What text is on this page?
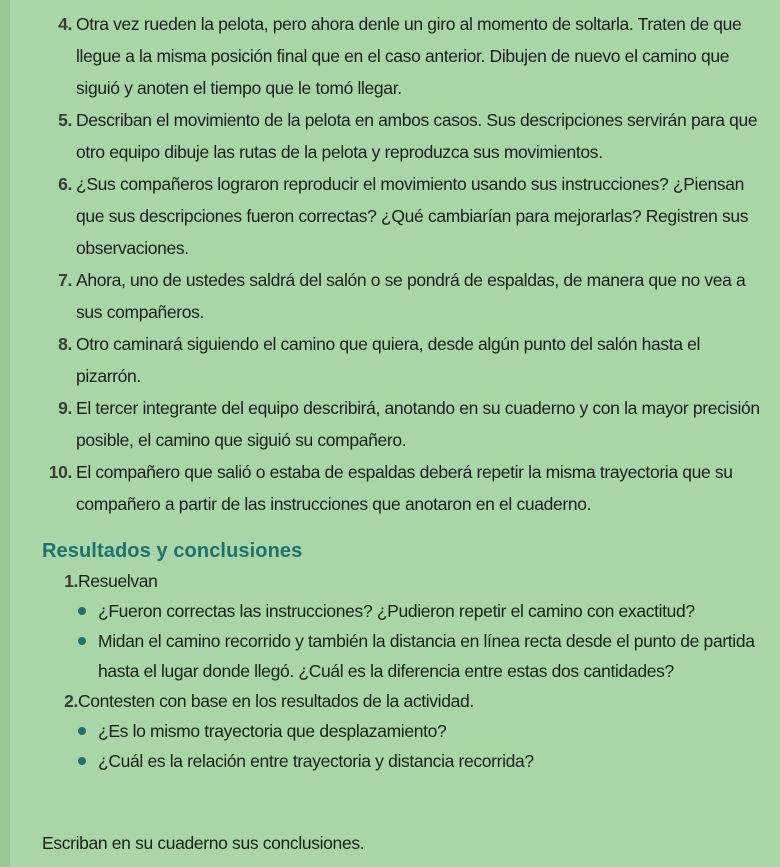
4. Otra vez rueden la pelota, pero ahora denle un giro al momento de soltarla. Traten de que llegue a la misma posición final que en el caso anterior. Dibujen de nuevo el camino que siguió y anoten el tiempo que le tomó llegar.
5. Describan el movimiento de la pelota en ambos casos. Sus descripciones servirán para que otro equipo dibuje las rutas de la pelota y reproduzca sus movimientos.
6. ¿Sus compañeros lograron reproducir el movimiento usando sus instrucciones? ¿Piensan que sus descripciones fueron correctas? ¿Qué cambiarían para mejorarlas? Registren sus observaciones.
7. Ahora, uno de ustedes saldrá del salón o se pondrá de espaldas, de manera que no vea a sus compañeros.
8. Otro caminará siguiendo el camino que quiera, desde algún punto del salón hasta el pizarrón.
9. El tercer integrante del equipo describirá, anotando en su cuaderno y con la mayor precisión posible, el camino que siguió su compañero.
10. El compañero que salió o estaba de espaldas deberá repetir la misma trayectoria que su compañero a partir de las instrucciones que anotaron en el cuaderno.
Resultados y conclusiones
1. Resuelvan
¿Fueron correctas las instrucciones? ¿Pudieron repetir el camino con exactitud?
Midan el camino recorrido y también la distancia en línea recta desde el punto de partida hasta el lugar donde llegó. ¿Cuál es la diferencia entre estas dos cantidades?
2. Contesten con base en los resultados de la actividad.
¿Es lo mismo trayectoria que desplazamiento?
¿Cuál es la relación entre trayectoria y distancia recorrida?
Escriban en su cuaderno sus conclusiones.
